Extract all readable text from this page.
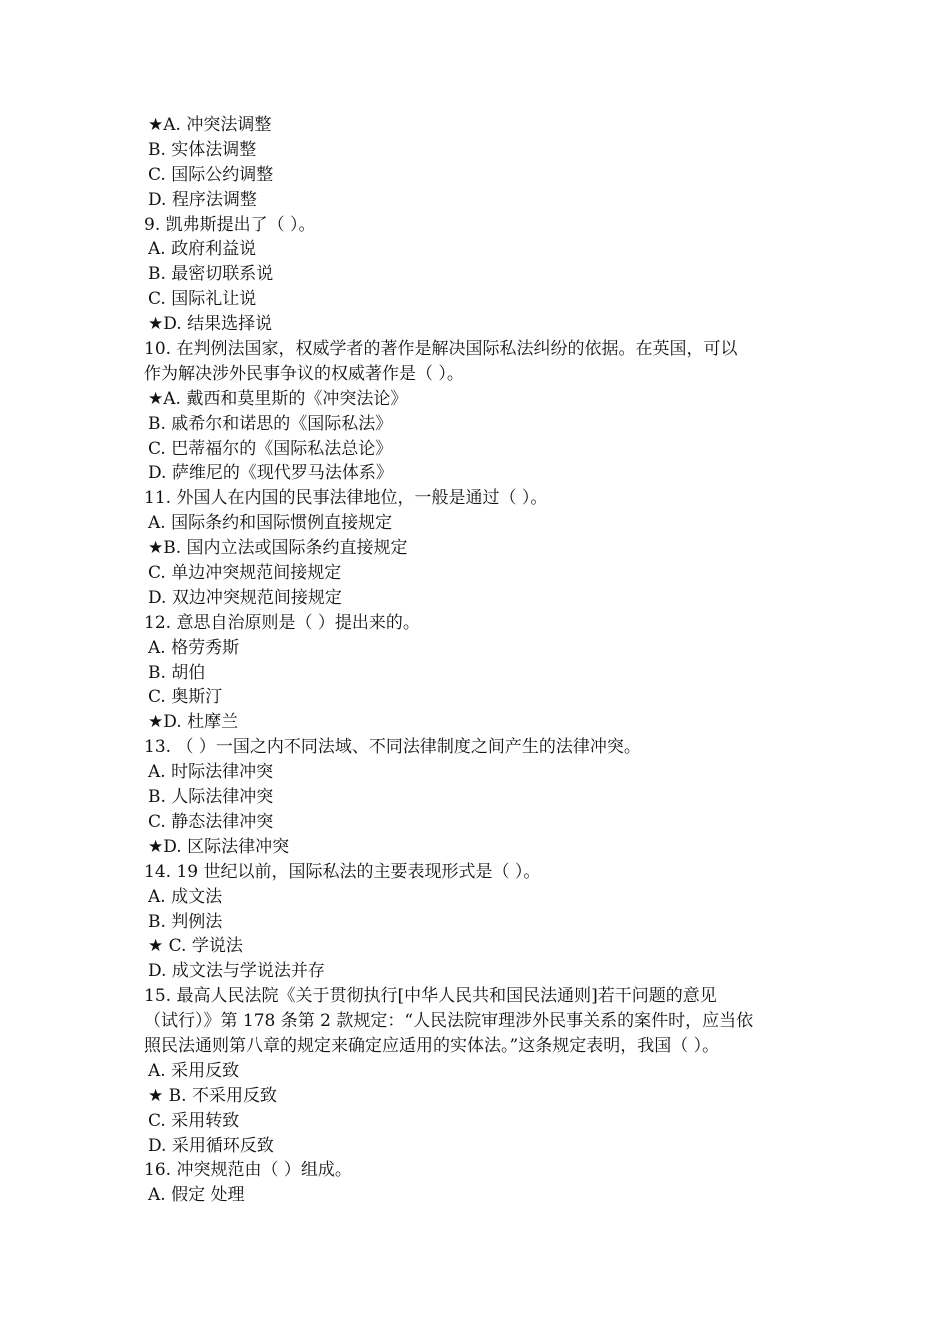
★A. 冲突法调整
B. 实体法调整
C. 国际公约调整
D. 程序法调整
9. 凯弗斯提出了（ ）。
A. 政府利益说
B. 最密切联系说
C. 国际礼让说
★D. 结果选择说
10. 在判例法国家，权威学者的著作是解决国际私法纠纷的依据。在英国，可以
作为解决涉外民事争议的权威著作是（ ）。
★A. 戴西和莫里斯的《冲突法论》
B. 戚希尔和诺思的《国际私法》
C. 巴蒂福尔的《国际私法总论》
D. 萨维尼的《现代罗马法体系》
11. 外国人在内国的民事法律地位，一般是通过（ ）。
A. 国际条约和国际惯例直接规定
★B. 国内立法或国际条约直接规定
C. 单边冲突规范间接规定
D. 双边冲突规范间接规定
12. 意思自治原则是（ ）提出来的。
A. 格劳秀斯
B. 胡伯
C. 奥斯汀
★D. 杜摩兰
13. （ ）一国之内不同法域、不同法律制度之间产生的法律冲突。
A. 时际法律冲突
B. 人际法律冲突
C. 静态法律冲突
★D. 区际法律冲突
14. 19 世纪以前，国际私法的主要表现形式是（ ）。
A. 成文法
B. 判例法
★ C. 学说法
D. 成文法与学说法并存
15. 最高人民法院《关于贯彻执行[中华人民共和国民法通则]若干问题的意见
（试行）》第 178 条第 2 款规定：“人民法院审理涉外民事关系的案件时，应当依
照民法通则第八章的规定来确定应适用的实体法。”这条规定表明，我国（ ）。
A. 采用反致
★ B. 不采用反致
C. 采用转致
D. 采用循环反致
16. 冲突规范由（ ）组成。
A. 假定 处理
